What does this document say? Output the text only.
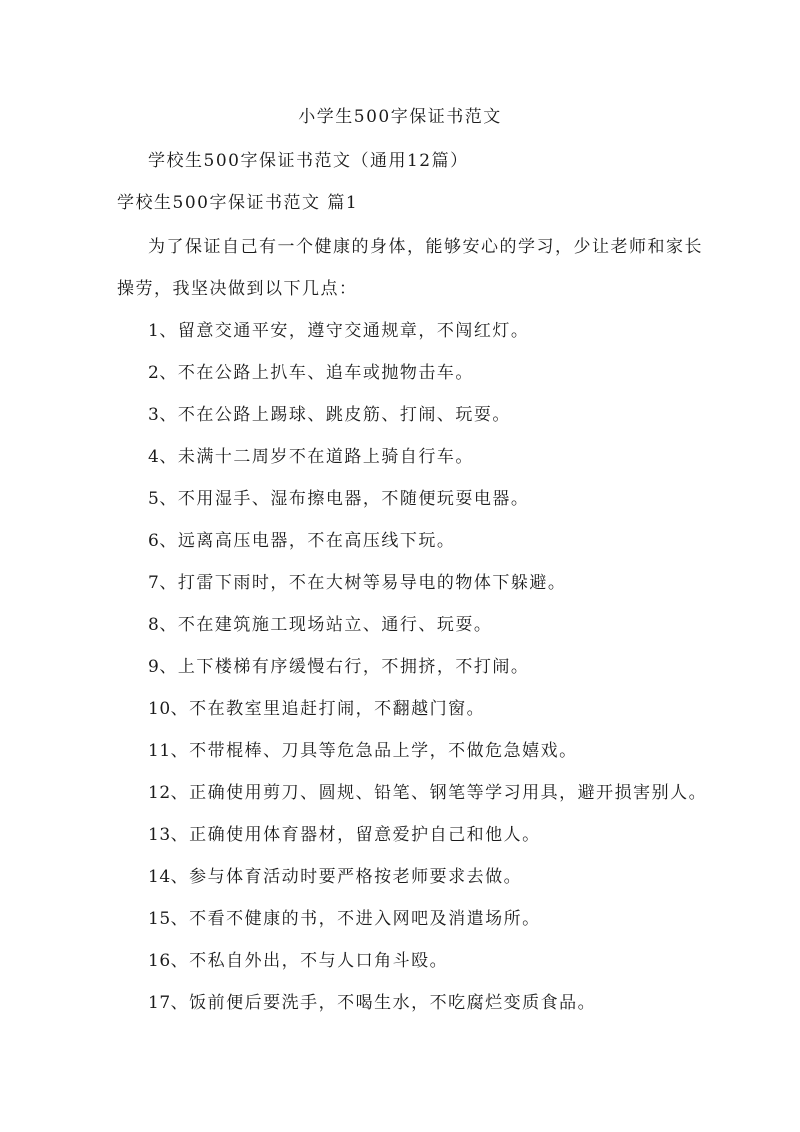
小学生500字保证书范文
学校生500字保证书范文（通用12篇）
学校生500字保证书范文 篇1
为了保证自己有一个健康的身体，能够安心的学习，少让老师和家长
操劳，我坚决做到以下几点：
1、留意交通平安，遵守交通规章，不闯红灯。
2、不在公路上扒车、追车或抛物击车。
3、不在公路上踢球、跳皮筋、打闹、玩耍。
4、未满十二周岁不在道路上骑自行车。
5、不用湿手、湿布擦电器，不随便玩耍电器。
6、远离高压电器，不在高压线下玩。
7、打雷下雨时，不在大树等易导电的物体下躲避。
8、不在建筑施工现场站立、通行、玩耍。
9、上下楼梯有序缓慢右行，不拥挤，不打闹。
10、不在教室里追赶打闹，不翻越门窗。
11、不带棍棒、刀具等危急品上学，不做危急嬉戏。
12、正确使用剪刀、圆规、铅笔、钢笔等学习用具，避开损害别人。
13、正确使用体育器材，留意爱护自己和他人。
14、参与体育活动时要严格按老师要求去做。
15、不看不健康的书，不进入网吧及消遣场所。
16、不私自外出，不与人口角斗殴。
17、饭前便后要洗手，不喝生水，不吃腐烂变质食品。
